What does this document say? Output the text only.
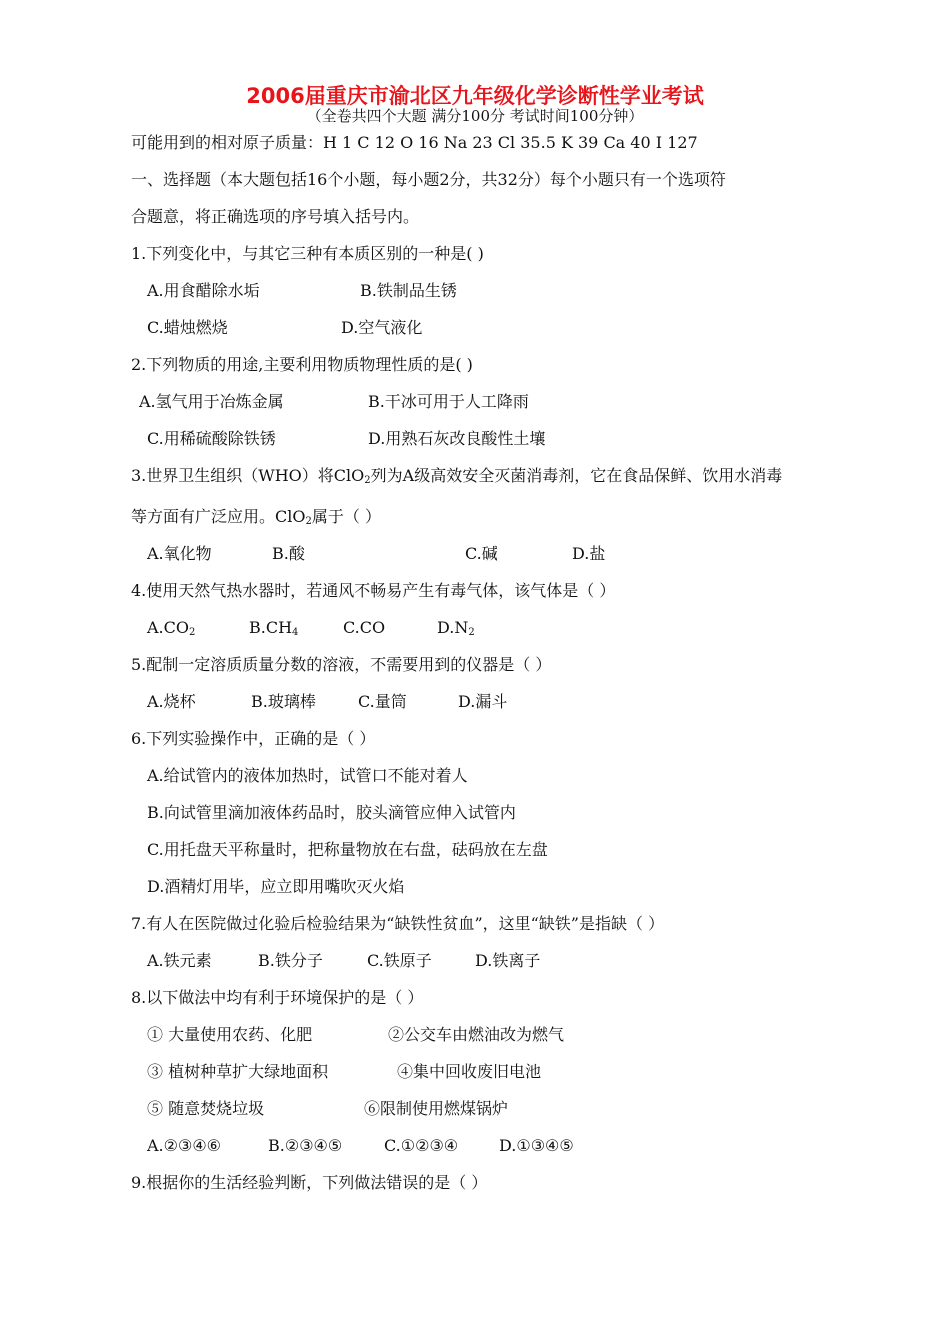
2006届重庆市渝北区九年级化学诊断性学业考试
（全卷共四个大题 满分100分 考试时间100分钟）
可能用到的相对原子质量：H 1 C 12 O 16 Na 23 Cl 35.5 K 39 Ca 40 I 127
一、选择题（本大题包括16个小题，每小题2分，共32分）每个小题只有一个选项符
合题意，将正确选项的序号填入括号内。
1.下列变化中，与其它三种有本质区别的一种是( )
A.用食醋除水垢	B.铁制品生锈
C.蜡烛燃烧	D.空气液化
2.下列物质的用途,主要利用物质物理性质的是( )
A.氢气用于冶炼金属	B.干冰可用于人工降雨
C.用稀硫酸除铁锈	D.用熟石灰改良酸性土壤
3.世界卫生组织（WHO）将ClO$_2$列为A级高效安全灭菌消毒剂，它在食品保鲜、饮用水消毒
等方面有广泛应用。ClO$_2$属于（ ）
A.氧化物	B.酸	C.碱	D.盐
4.使用天然气热水器时，若通风不畅易产生有毒气体，该气体是（ ）
$A.CO_2$	$B.CH_4$	C.CO	$D.N_2$
5.配制一定溶质质量分数的溶液，不需要用到的仪器是（ ）
A.烧杯	B.玻璃棒	C.量筒	D.漏斗
6.下列实验操作中，正确的是（ ）
A.给试管内的液体加热时，试管口不能对着人
B.向试管里滴加液体药品时，胶头滴管应伸入试管内
C.用托盘天平称量时，把称量物放在右盘，砝码放在左盘
D.酒精灯用毕，应立即用嘴吹灭火焰
7.有人在医院做过化验后检验结果为“缺铁性贫血”，这里“缺铁”是指缺（ ）
A.铁元素	B.铁分子	C.铁原子	D.铁离子
8.以下做法中均有利于环境保护的是（ ）
① 大量使用农药、化肥	②公交车由燃油改为燃气
③ 植树种草扩大绿地面积	④集中回收废旧电池
⑤ 随意焚烧垃圾	⑥限制使用燃煤锅炉
A.②③④⑥	B.②③④⑤	C.①②③④	D.①③④⑤
9.根据你的生活经验判断，下列做法错误的是（ ）
